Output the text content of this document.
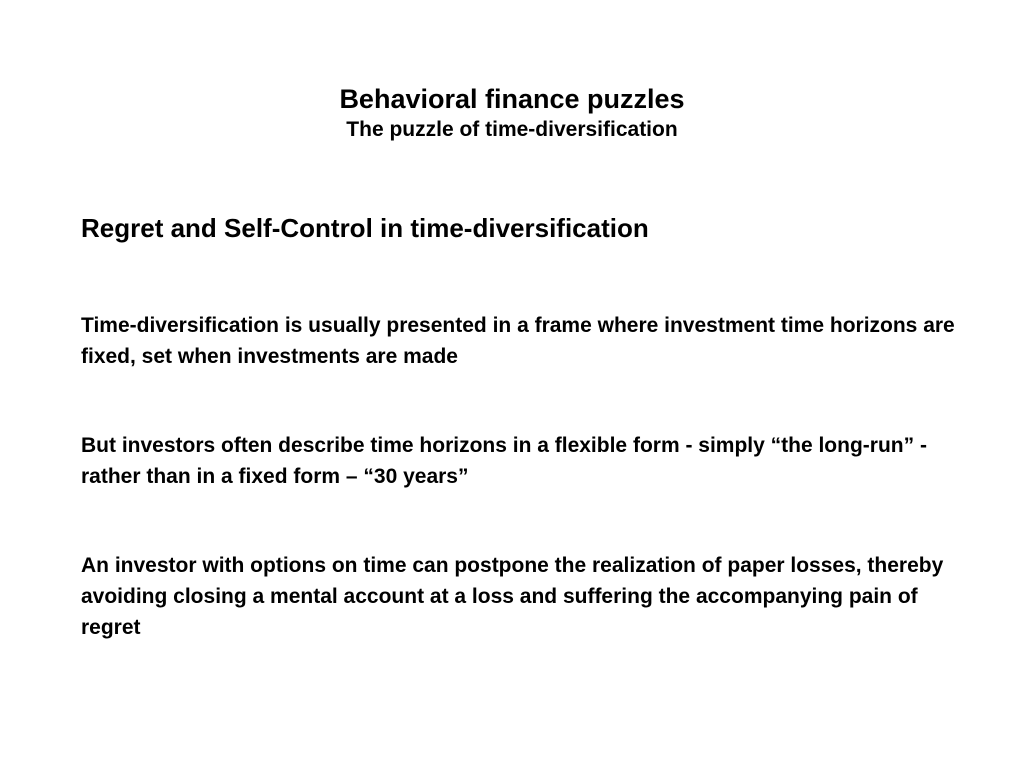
Behavioral finance puzzles
The puzzle of time-diversification

Regret and Self-Control in time-diversification

Time-diversification is usually presented in a frame where investment time horizons are fixed, set when investments are made

But investors often describe time horizons in a flexible form - simply “the long-run” - rather than in a fixed form – “30 years”

An investor with options on time can postpone the realization of paper losses, thereby avoiding closing a mental account at a loss and suffering the accompanying pain of regret
